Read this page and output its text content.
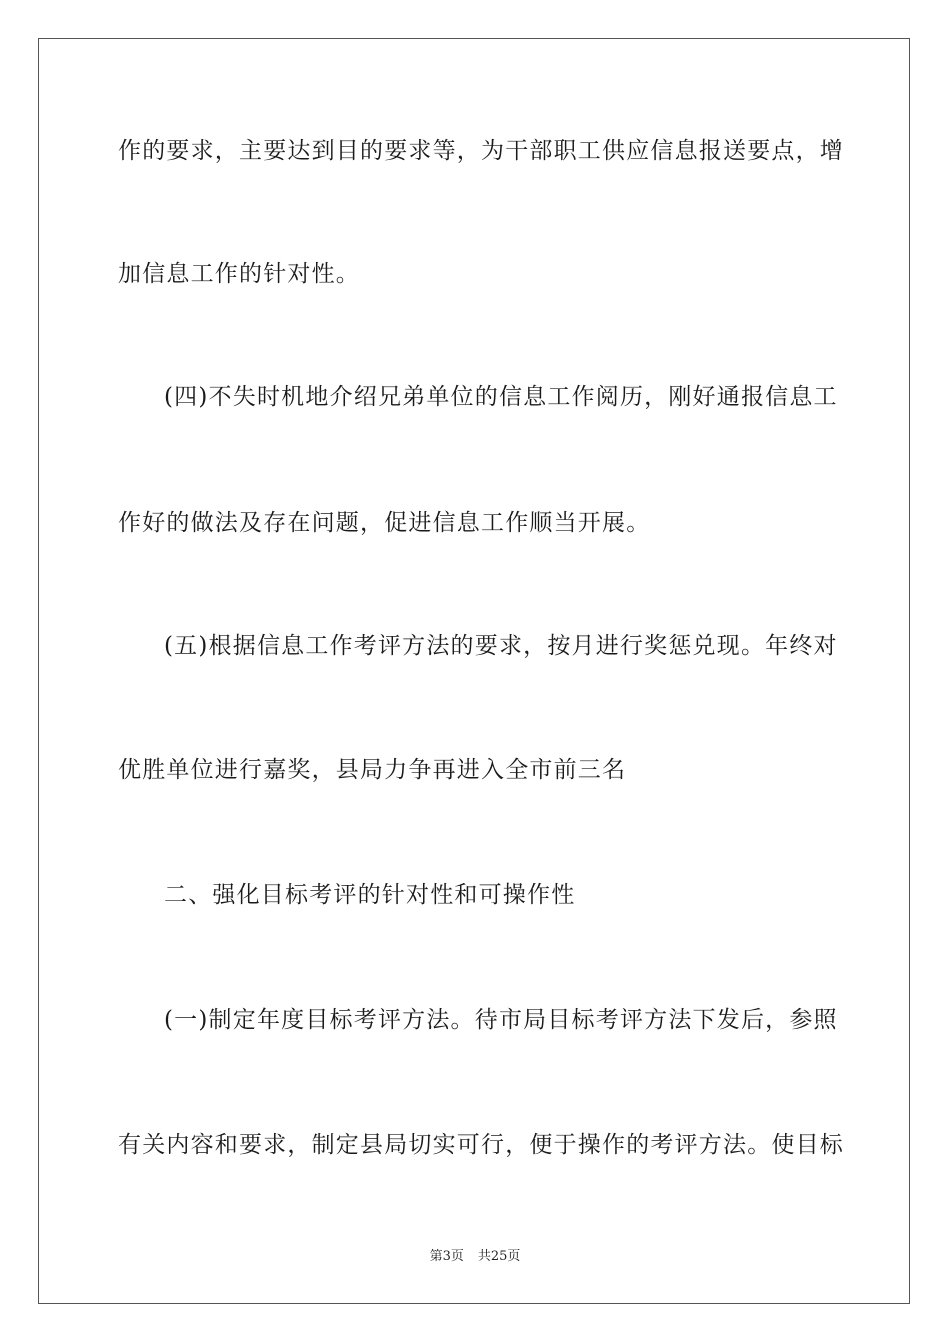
作的要求，主要达到目的要求等，为干部职工供应信息报送要点，增
加信息工作的针对性。
(四)不失时机地介绍兄弟单位的信息工作阅历，刚好通报信息工
作好的做法及存在问题，促进信息工作顺当开展。
(五)根据信息工作考评方法的要求，按月进行奖惩兑现。年终对
优胜单位进行嘉奖，县局力争再进入全市前三名
二、强化目标考评的针对性和可操作性
(一)制定年度目标考评方法。待市局目标考评方法下发后，参照
有关内容和要求，制定县局切实可行，便于操作的考评方法。使目标
第3页 共25页
